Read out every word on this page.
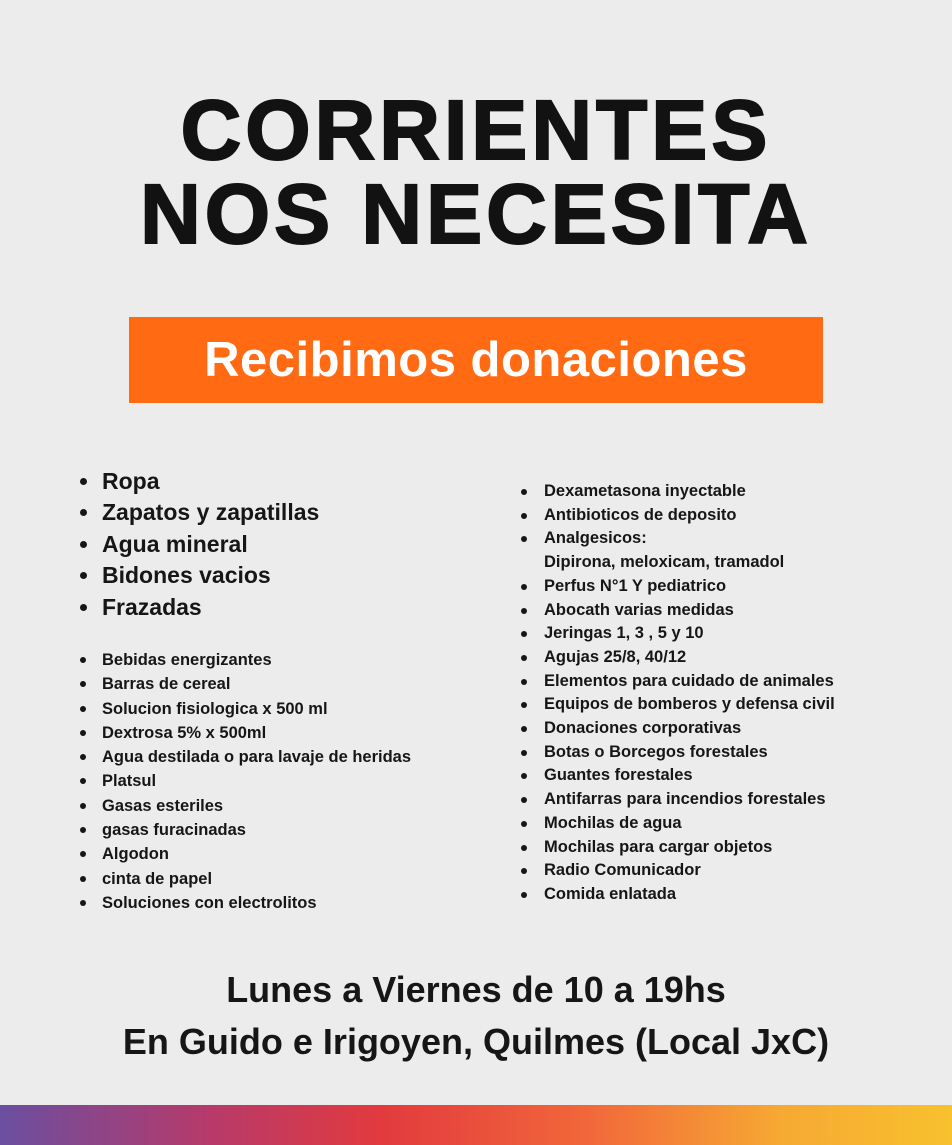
CORRIENTES
NOS NECESITA
Recibimos donaciones
Ropa
Zapatos y zapatillas
Agua mineral
Bidones vacios
Frazadas
Bebidas energizantes
Barras de cereal
Solucion fisiologica x 500 ml
Dextrosa 5% x 500ml
Agua destilada o para lavaje de heridas
Platsul
Gasas esteriles
gasas furacinadas
Algodon
cinta de papel
Soluciones con electrolitos
Dexametasona inyectable
Antibioticos de deposito
Analgesicos:
Dipirona, meloxicam, tramadol
Perfus N°1 Y pediatrico
Abocath varias medidas
Jeringas 1, 3 , 5 y 10
Agujas 25/8, 40/12
Elementos para cuidado de animales
Equipos de bomberos y defensa civil
Donaciones corporativas
Botas o Borcegos forestales
Guantes forestales
Antifarras para incendios forestales
Mochilas de agua
Mochilas para cargar objetos
Radio Comunicador
Comida enlatada
Lunes a Viernes de 10 a 19hs
En Guido e Irigoyen, Quilmes (Local JxC)
